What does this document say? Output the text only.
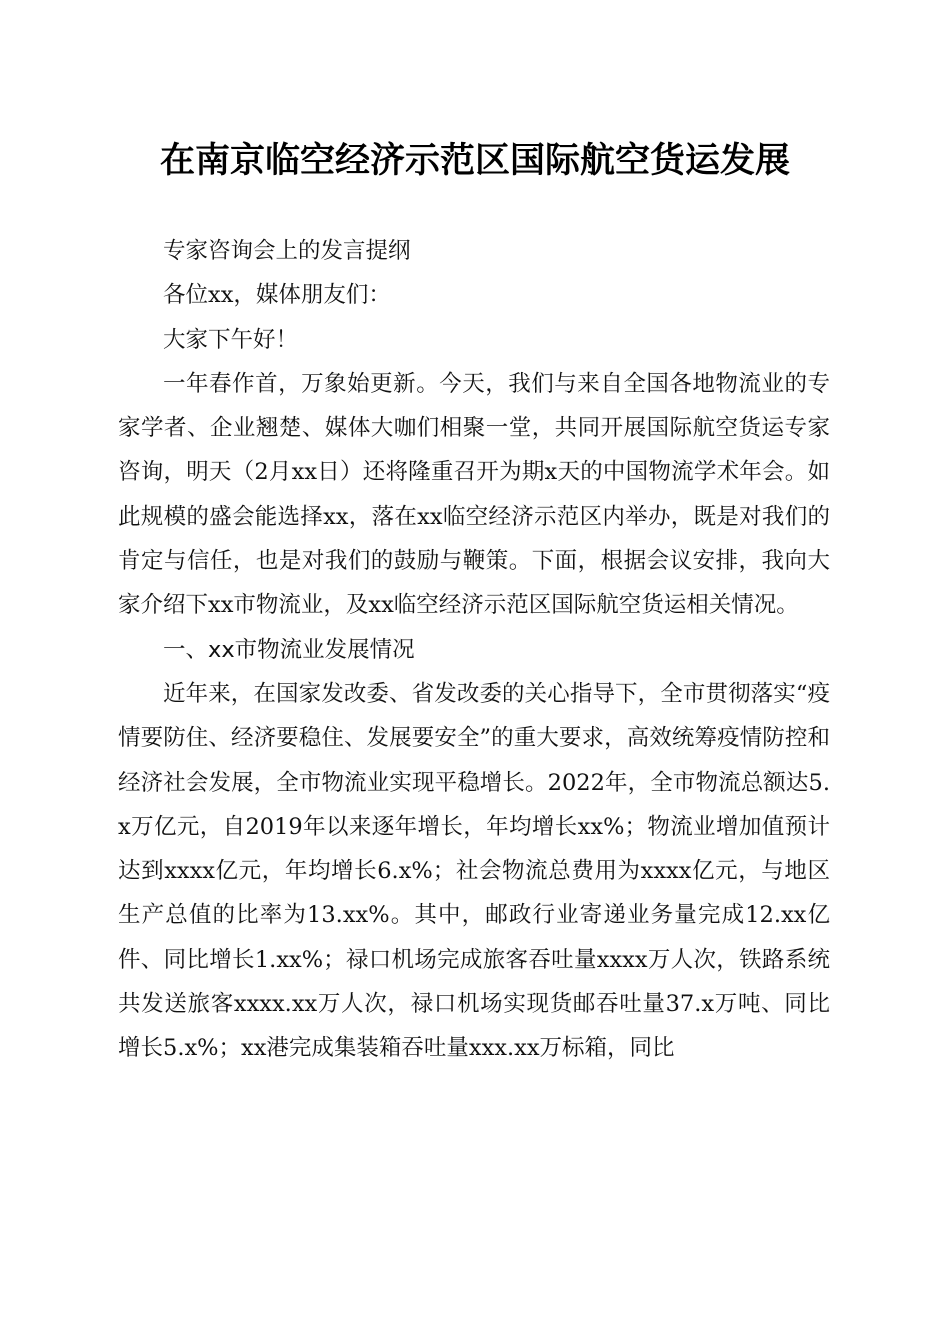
在南京临空经济示范区国际航空货运发展

专家咨询会上的发言提纲

各位xx，媒体朋友们：

大家下午好！

一年春作首，万象始更新。今天，我们与来自全国各地物流业的专家学者、企业翘楚、媒体大咖们相聚一堂，共同开展国际航空货运专家咨询，明天（2月xx日）还将隆重召开为期x天的中国物流学术年会。如此规模的盛会能选择xx，落在xx临空经济示范区内举办，既是对我们的肯定与信任，也是对我们的鼓励与鞭策。下面，根据会议安排，我向大家介绍下xx市物流业，及xx临空经济示范区国际航空货运相关情况。

一、xx市物流业发展情况

近年来，在国家发改委、省发改委的关心指导下，全市贯彻落实“疫情要防住、经济要稳住、发展要安全”的重大要求，高效统筹疫情防控和经济社会发展，全市物流业实现平稳增长。2022年，全市物流总额达5.x万亿元，自2019年以来逐年增长，年均增长xx%；物流业增加值预计达到xxxx亿元，年均增长6.x%；社会物流总费用为xxxx亿元，与地区生产总值的比率为13.xx%。其中，邮政行业寄递业务量完成12.xx亿件、同比增长1.xx%；禄口机场完成旅客吞吐量xxxx万人次，铁路系统共发送旅客xxxx.xx万人次，禄口机场实现货邮吞吐量37.x万吨、同比增长5.x%；xx港完成集装箱吞吐量xxx.xx万标箱，同比
